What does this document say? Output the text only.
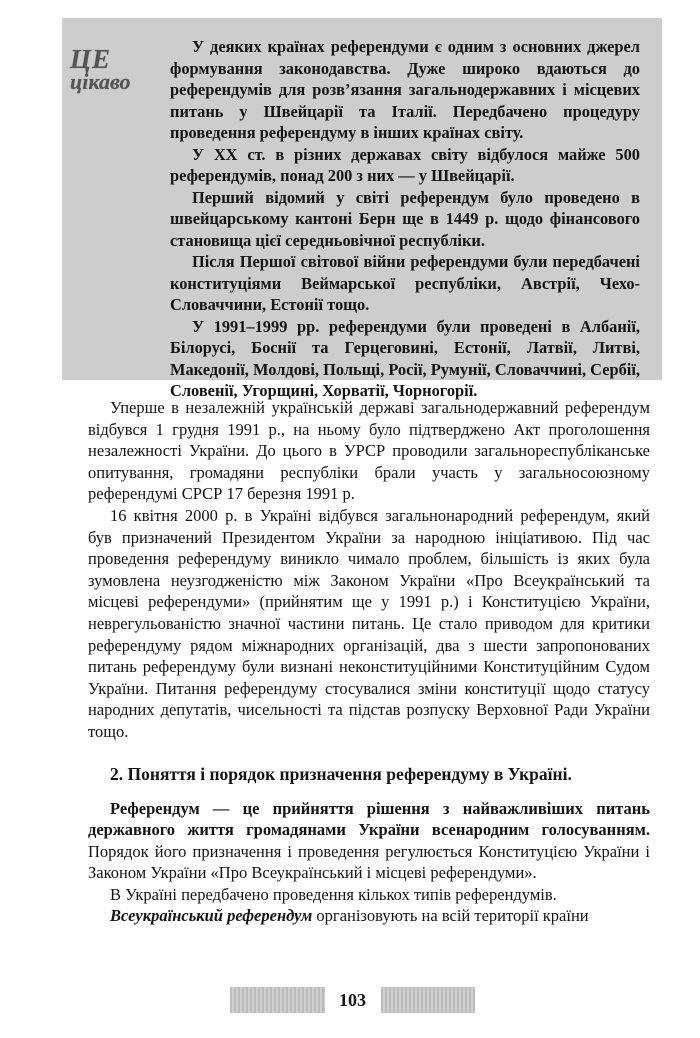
ЦЕ
цікаво

У деяких країнах референдуми є одним з основних джерел формування законодавства. Дуже широко вдаються до референдумів для розв’язання загальнодержавних і місцевих питань у Швейцарії та Італії. Передбачено процедуру проведення референдуму в інших країнах світу.

У XX ст. в різних державах світу відбулося майже 500 референдумів, понад 200 з них — у Швейцарії.

Перший відомий у світі референдум було проведено в швейцарському кантоні Берн ще в 1449 р. щодо фінансового становища цієї середньовічної республіки.

Після Першої світової війни референдуми були передбачені конституціями Веймарської республіки, Австрії, Чехо-Словаччини, Естонії тощо.

У 1991–1999 рр. референдуми були проведені в Албанії, Білорусі, Боснії та Герцеговині, Естонії, Латвії, Литві, Македонії, Молдові, Польщі, Росії, Румунії, Словаччині, Сербії, Словенії, Угорщині, Хорватії, Чорногорії.

Уперше в незалежній українській державі загальнодержавний референдум відбувся 1 грудня 1991 р., на ньому було підтверджено Акт проголошення незалежності України. До цього в УРСР проводили загальнореспубліканське опитування, громадяни республіки брали участь у загальносоюзному референдумі СРСР 17 березня 1991 р.

16 квітня 2000 р. в Україні відбувся загальнонародний референдум, який був призначений Президентом України за народною ініціативою. Під час проведення референдуму виникло чимало проблем, більшість із яких була зумовлена неузгодженістю між Законом України «Про Всеукраїнський та місцеві референдуми» (прийнятим ще у 1991 р.) і Конституцією України, неврегульованістю значної частини питань. Це стало приводом для критики референдуму рядом міжнародних організацій, два з шести запропонованих питань референдуму були визнані неконституційними Конституційним Судом України. Питання референдуму стосувалися зміни конституції щодо статусу народних депутатів, чисельності та підстав розпуску Верховної Ради України тощо.

2. Поняття і порядок призначення референдуму в Україні.

Референдум — це прийняття рішення з найважливіших питань державного життя громадянами України всенародним голосуванням. Порядок його призначення і проведення регулюється Конституцією України і Законом України «Про Всеукраїнський і місцеві референдуми».

В Україні передбачено проведення кількох типів референдумів.

Всеукраїнський референдум організовують на всій території країни

103
